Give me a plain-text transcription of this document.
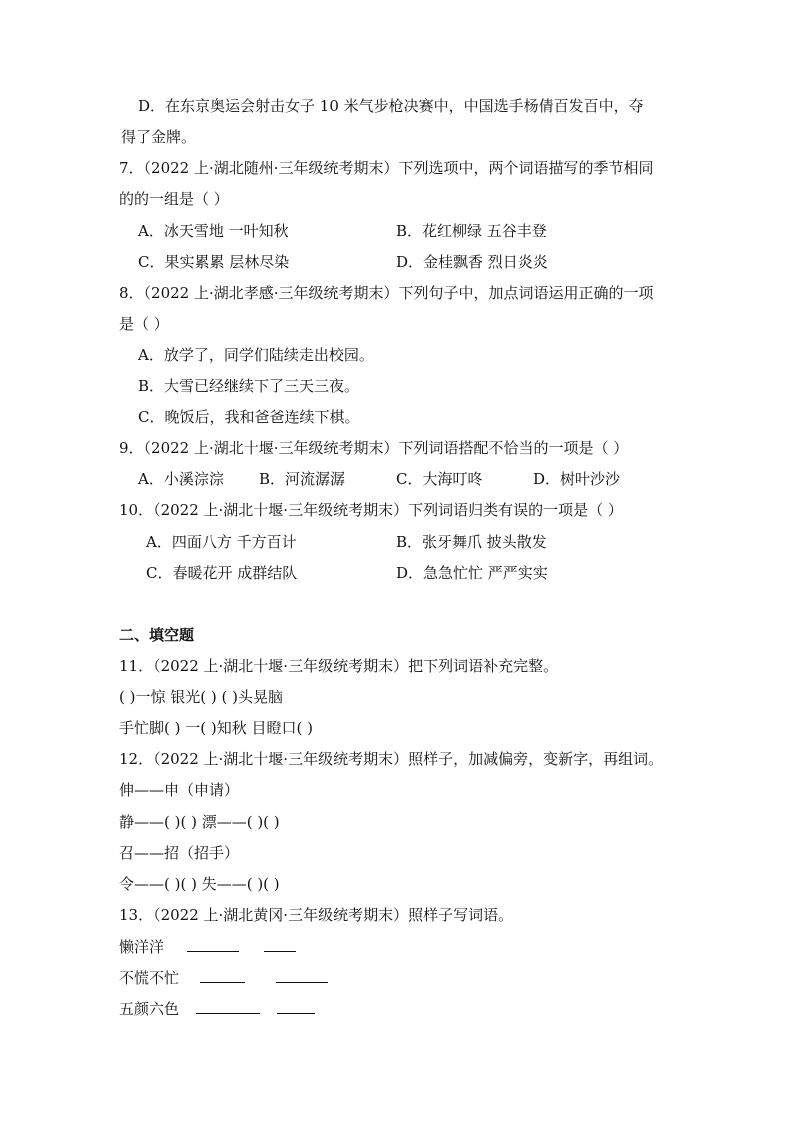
D．在东京奥运会射击女子 10 米气步枪决赛中，中国选手杨倩百发百中，夺
得了金牌。
7．（2022 上·湖北随州·三年级统考期末）下列选项中，两个词语描写的季节相同
的的一组是（ ）
A．冰天雪地 一叶知秋	B．花红柳绿 五谷丰登
C．果实累累 层林尽染	D．金桂飘香 烈日炎炎
8．（2022 上·湖北孝感·三年级统考期末）下列句子中，加点词语运用正确的一项
是（ ）
A．放学了，同学们陆续走出校园。
B．大雪已经继续下了三天三夜。
C．晚饭后，我和爸爸连续下棋。
9．（2022 上·湖北十堰·三年级统考期末）下列词语搭配不恰当的一项是（ ）
A．小溪淙淙 B．河流潺潺	C．大海叮咚	D．树叶沙沙
10．（2022 上·湖北十堰·三年级统考期末）下列词语归类有误的一项是（ ）
A．四面八方 千方百计	B．张牙舞爪 披头散发
C．春暖花开 成群结队	D．急急忙忙 严严实实
二、填空题
11．（2022 上·湖北十堰·三年级统考期末）把下列词语补充完整。
( )一惊 银光( ) ( )头晃脑
手忙脚( ) 一( )知秋 目瞪口( )
12．（2022 上·湖北十堰·三年级统考期末）照样子，加减偏旁，变新字，再组词。
伸——申（申请）
静——( )( ) 漂——( )( )
召——招（招手）
令——( )( ) 失——( )( )
13．（2022 上·湖北黄冈·三年级统考期末）照样子写词语。
懒洋洋
不慌不忙
五颜六色
